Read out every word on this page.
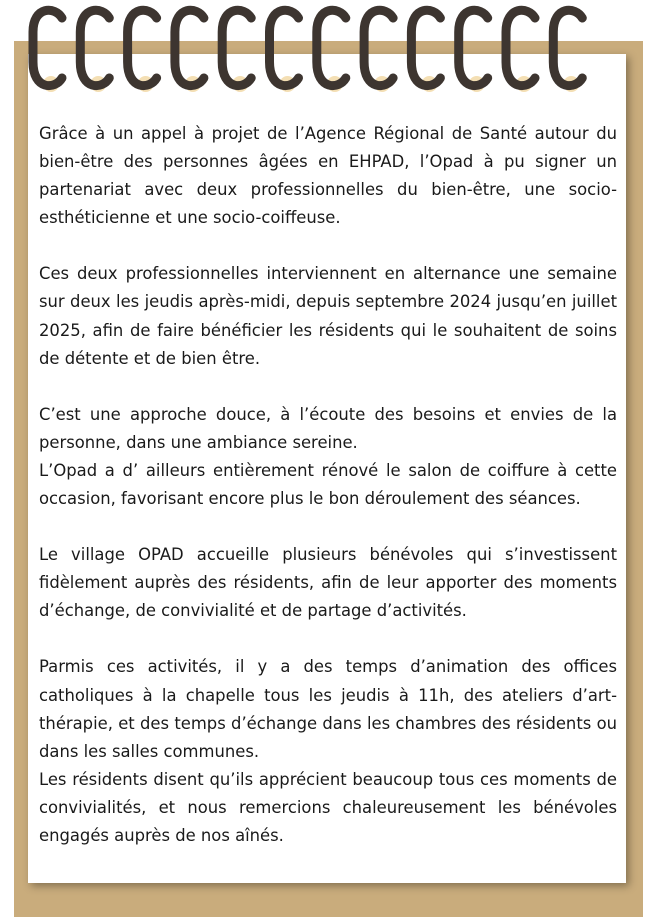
Grâce à un appel à projet de l’Agence Régional de Santé autour du bien-être des personnes âgées en EHPAD, l’Opad à pu signer un partenariat avec deux professionnelles du bien-être, une socio-esthéticienne et une socio-coiffeuse.

Ces deux professionnelles interviennent en alternance une semaine sur deux les jeudis après-midi, depuis septembre 2024 jusqu’en juillet 2025, afin de faire bénéficier les résidents qui le souhaitent de soins de détente et de bien être.

C’est une approche douce, à l’écoute des besoins et envies de la personne, dans une ambiance sereine.

L’Opad a d’ ailleurs entièrement rénové le salon de coiffure à cette occasion, favorisant encore plus le bon déroulement des séances.

Le village OPAD accueille plusieurs bénévoles qui s’investissent fidèlement auprès des résidents, afin de leur apporter des moments d’échange, de convivialité et de partage d’activités.

Parmis ces activités, il y a des temps d’animation des offices catholiques à la chapelle tous les jeudis à 11h, des ateliers d’art-thérapie, et des temps d’échange dans les chambres des résidents ou dans les salles communes.

Les résidents disent qu’ils apprécient beaucoup tous ces moments de convivialités, et nous remercions chaleureusement les bénévoles engagés auprès de nos aînés.
